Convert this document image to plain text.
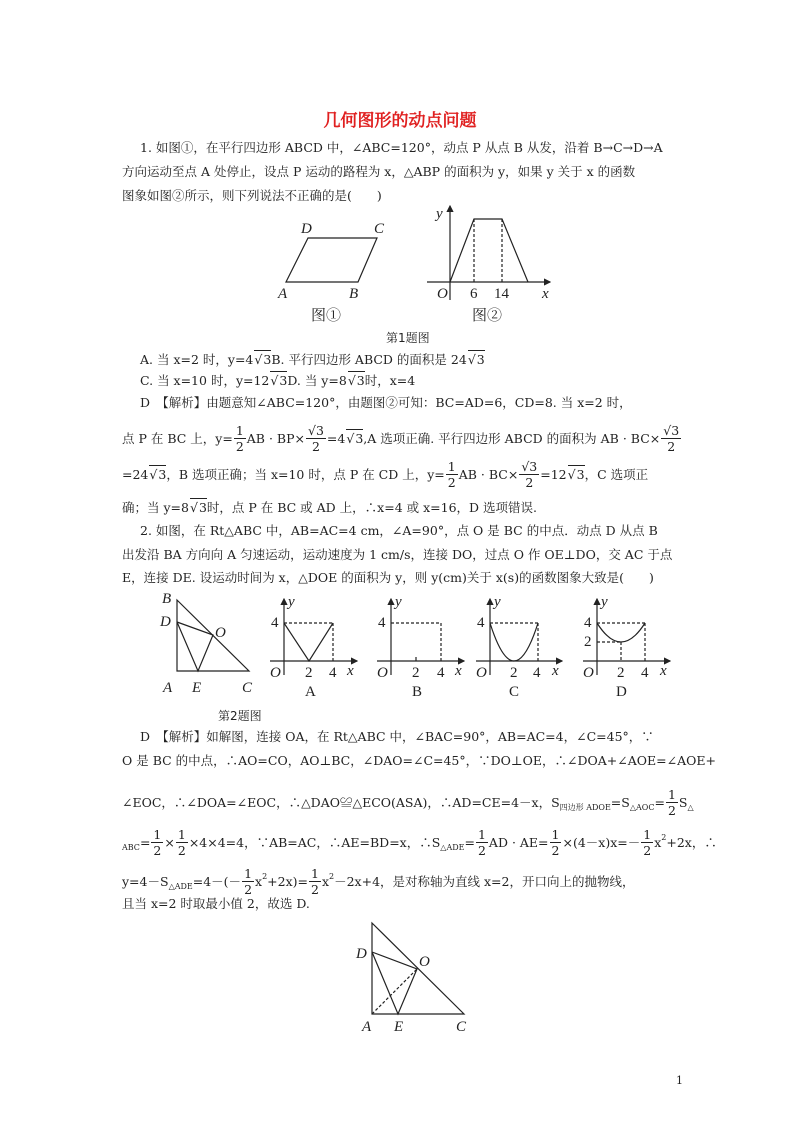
几何图形的动点问题
1. 如图①，在平行四边形 ABCD 中，∠ABC=120°，动点 P 从点 B 从发，沿着 B→C→D→A
方向运动至点 A 处停止，设点 P 运动的路程为 x，△ABP 的面积为 y，如果 y 关于 x 的函数
图象如图②所示，则下列说法不正确的是(　　)
A. 当 x=2 时，y=4 √ 3 B. 平行四边形 ABCD 的面积是 24 √ 3
C. 当 x=10 时，y=12 √ 3 D. 当 y=8 √ 3 时，x=4
D　【解析】由题意知∠ABC=120°，由题图②可知：BC=AD=6，CD=8. 当 x=2 时，
点 P 在 BC 上，$y= \frac{1}{2}$ AB · $BP\times \frac{√3}{2} =4$ √ 3 ,A 选项正确. 平行四边形 ABCD 的面积为 AB · $BC\times \frac{√3}{2}$
=24 √ 3 ，B 选项正确；当 x=10 时，点 P 在 CD 上，$y= \frac{1}{2}$ AB · $BC\times \frac{√3}{2} =12$ √ 3 ，C 选项正
确；当 y=8 √ 3 时，点 P 在 BC 或 AD 上，∴x=4 或 x=16，D 选项错误.
2. 如图，在 Rt△ABC 中，AB=AC=4 cm，∠A=90°，点 O 是 BC 的中点．动点 D 从点 B
出发沿 BA 方向向 A 匀速运动，运动速度为 1 cm/s，连接 DO，过点 O 作 OE⊥DO，交 AC 于点
E，连接 DE. 设运动时间为 x，△DOE 的面积为 y，则 y(cm)关于 x(s)的函数图象大致是(　　)
D　【解析】如解图，连接 OA，在 Rt△ABC 中，∠BAC=90°，AB=AC=4，∠C=45°，∵
O 是 BC 的中点，∴AO=CO，AO⊥BC，∠DAO=∠C=45°，∵DO⊥OE，∴∠DOA+∠AOE=∠AOE+
∠EOC，∴∠DOA=∠EOC，∴△DAO≌△ECO(ASA)，∴AD=CE=4－x，S 四边形 ADOE =S △AOC = $\frac{1}{2}$ S △
ABC = $\frac{1}{2} \times \frac{1}{2} \times 4\times 4=4$，∵AB=AC，∴AE=BD=x，∴S △ADE = $\frac{1}{2}$ AD · $AE= \frac{1}{2} \times(4-x)x=- \frac{1}{2}$ x 2 +2x，∴
y=4－S △ADE $=4-(- \frac{1}{2}$ x $2 +2x)= \frac{1}{2}$ x 2 －2x+4，是对称轴为直线 x=2，开口向上的抛物线，
且当 x=2 时取最小值 2，故选 D.
D	C
A	B
图①
y
O 6 14 x
图②
第1题图
B
D
O
A E	C
y
4
O 2 4 x
A
y
4
O 2 4 x
B
y
4
O 2 4 x
C
y
4
2
O 2 4 x
D
第2题图
D	O
A E	C
1
